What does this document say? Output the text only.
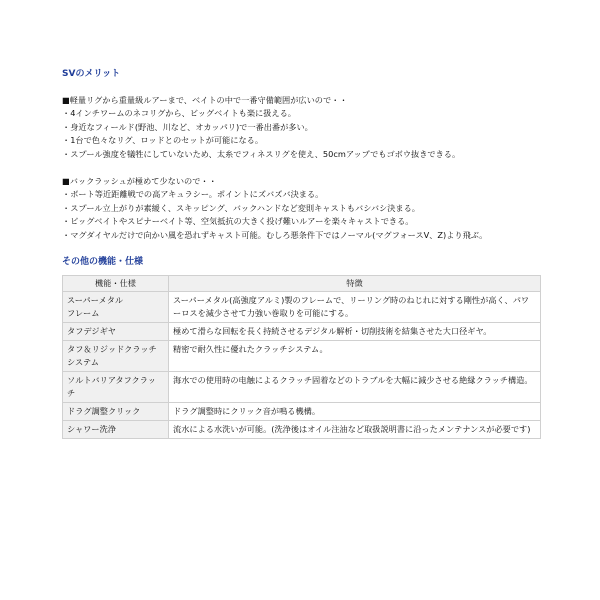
SVのメリット
■軽量リグから重量級ルアーまで、ベイトの中で一番守備範囲が広いので・・
・4インチワームのネコリグから、ビッグベイトも楽に扱える。
・身近なフィールド(野池、川など、オカッパリ)で一番出番が多い。
・1台で色々なリグ、ロッドとのセットが可能になる。
・スプール強度を犠牲にしていないため、太糸でフィネスリグを使え、50cmアップでもゴボウ抜きできる。
■バックラッシュが極めて少ないので・・
・ボート等近距離戦での高アキュラシー。ポイントにズバズバ決まる。
・スプール立上がりが素緩く、スキッピング、バックハンドなど変則キャストもバシバシ決まる。
・ビッグベイトやスピナーベイト等、空気抵抗の大きく投げ難いルアーを楽々キャストできる。
・マグダイヤルだけで向かい風を恐れずキャスト可能。むしろ悪条件下ではノーマル(マグフォースV、Z)より飛ぶ。
その他の機能・仕様
機能・仕様	特徴
スーパーメタル
フレーム	スーパーメタル(高強度アルミ)製のフレームで、リーリング時のねじれに対する剛性が高く、パワーロスを減少させて力強い巻取りを可能にする。
タフデジギヤ	極めて滑らな回転を長く持続させるデジタル解析・切削技術を結集させた大口径ギヤ。
タフ＆リジッドクラッチシステム	精密で耐久性に優れたクラッチシステム。
ソルトバリアタフクラッチ	海水での使用時の电触によるクラッチ固着などのトラブルを大幅に減少させる絶縁クラッチ構造。
ドラグ調整クリック	ドラグ調整時にクリック音が鳴る機構。
シャワー洗浄	流水による水洗いが可能。(洗浄後はオイル注油など取扱説明書に沿ったメンテナンスが必要です)
